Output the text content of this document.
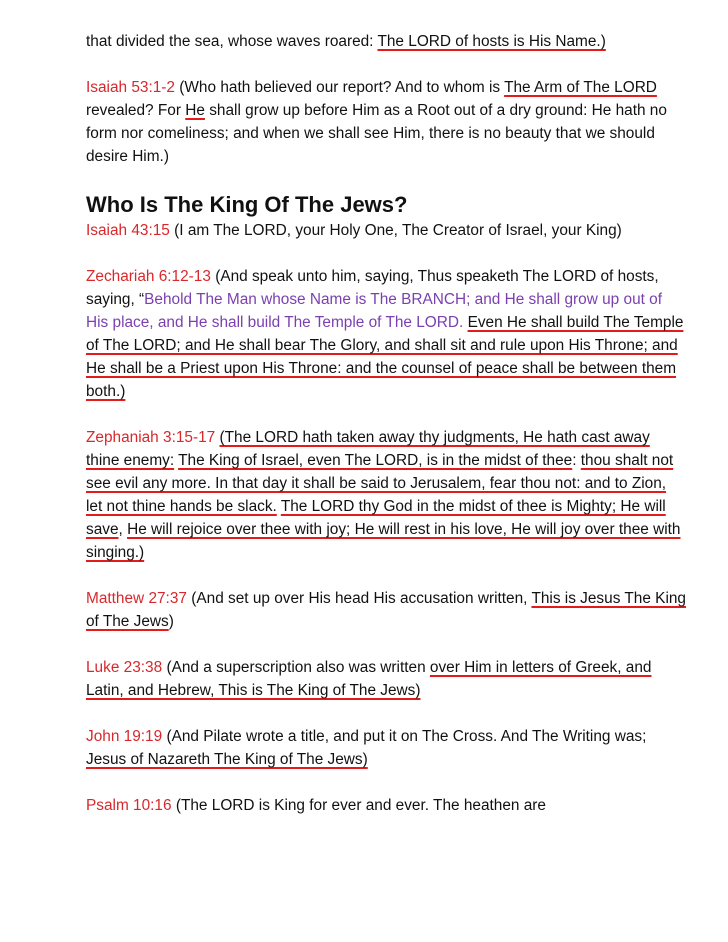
that divided the sea, whose waves roared: The LORD of hosts is His Name.)

Isaiah 53:1-2 (Who hath believed our report? And to whom is The Arm of The LORD revealed? For He shall grow up before Him as a Root out of a dry ground: He hath no form nor comeliness; and when we shall see Him, there is no beauty that we should desire Him.)

Who Is The King Of The Jews?

Isaiah 43:15 (I am The LORD, your Holy One, The Creator of Israel, your King)

Zechariah 6:12-13 (And speak unto him, saying, Thus speaketh The LORD of hosts, saying, “Behold The Man whose Name is The BRANCH; and He shall grow up out of His place, and He shall build The Temple of The LORD. Even He shall build The Temple of The LORD; and He shall bear The Glory, and shall sit and rule upon His Throne; and He shall be a Priest upon His Throne: and the counsel of peace shall be between them both.)

Zephaniah 3:15-17 (The LORD hath taken away thy judgments, He hath cast away thine enemy: The King of Israel, even The LORD, is in the midst of thee: thou shalt not see evil any more. In that day it shall be said to Jerusalem, fear thou not: and to Zion, let not thine hands be slack. The LORD thy God in the midst of thee is Mighty; He will save, He will rejoice over thee with joy; He will rest in his love, He will joy over thee with singing.)

Matthew 27:37 (And set up over His head His accusation written, This is Jesus The King of The Jews)

Luke 23:38 (And a superscription also was written over Him in letters of Greek, and Latin, and Hebrew, This is The King of The Jews)

John 19:19 (And Pilate wrote a title, and put it on The Cross. And The Writing was; Jesus of Nazareth The King of The Jews)

Psalm 10:16 (The LORD is King for ever and ever. The heathen are
